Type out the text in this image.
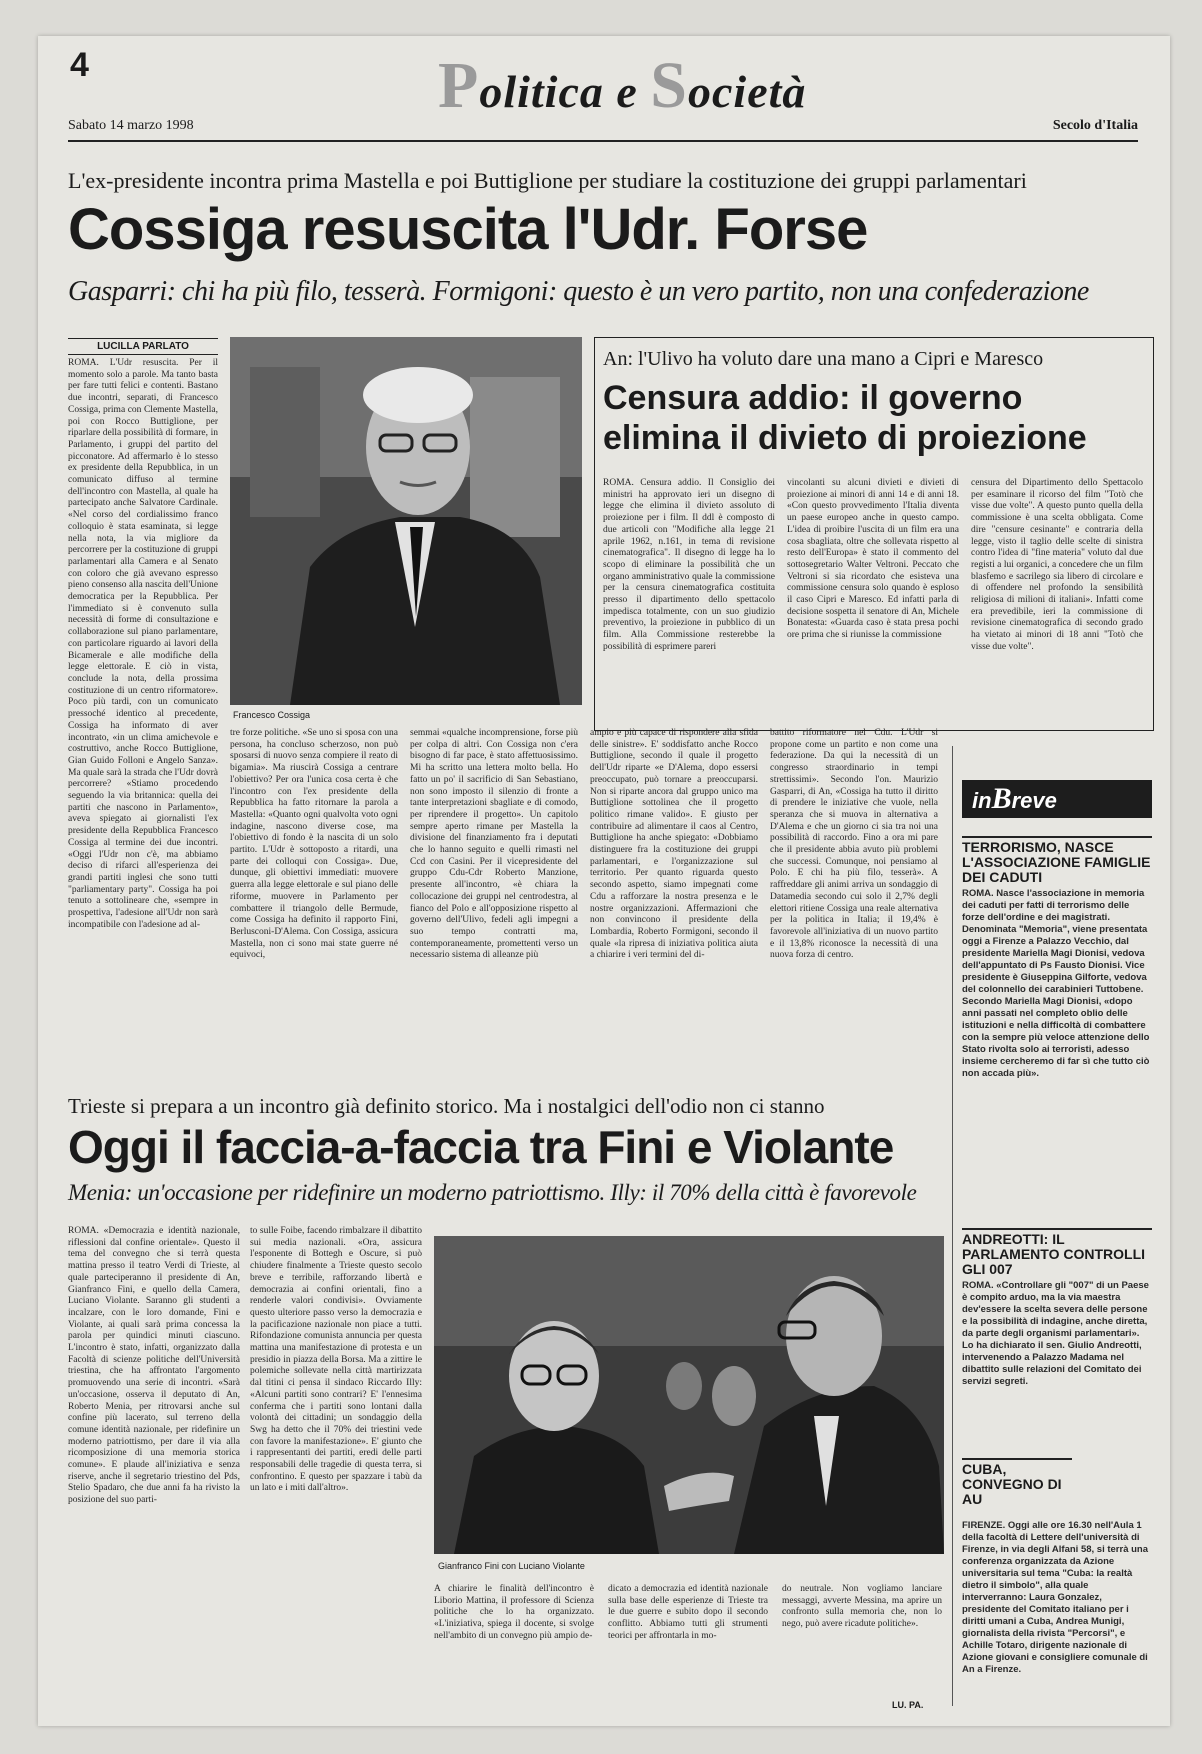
4	Politica e Società
Sabato 14 marzo 1998	Secolo d'Italia
L'ex-presidente incontra prima Mastella e poi Buttiglione per studiare la costituzione dei gruppi parlamentari
Cossiga resuscita l'Udr. Forse
Gasparri: chi ha più filo, tesserà. Formigoni: questo è un vero partito, non una confederazione
LUCILLA PARLATO
ROMA. L'Udr resuscita. Per il momento solo a parole. Ma tanto basta per fare tutti felici e contenti. Bastano due incontri, separati, di Francesco Cossiga, prima con Clemente Mastella, poi con Rocco Buttiglione, per riparlare della possibilità di formare, in Parlamento, i gruppi del partito del picconatore. Ad affermarlo è lo stesso ex presidente della Repubblica, in un comunicato diffuso al termine dell'incontro con Mastella, al quale ha partecipato anche Salvatore Cardinale. «Nel corso del cordialissimo franco colloquio è stata esaminata, si legge nella nota, la via migliore da percorrere per la costituzione di gruppi parlamentari alla Camera e al Senato con coloro che già avevano espresso pieno consenso alla nascita dell'Unione democratica per la Repubblica. Per l'immediato si è convenuto sulla necessità di forme di consultazione e collaborazione sul piano parlamentare, con particolare riguardo ai lavori della Bicamerale e alle modifiche della legge elettorale. E ciò in vista, conclude la nota, della prossima costituzione di un centro riformatore». Poco più tardi, con un comunicato pressoché identico al precedente, Cossiga ha informato di aver incontrato, «in un clima amichevole e costruttivo, anche Rocco Buttiglione, Gian Guido Folloni e Angelo Sanza». Ma quale sarà la strada che l'Udr dovrà percorrere? «Stiamo procedendo seguendo la via britannica: quella dei partiti che nascono in Parlamento», aveva spiegato ai giornalisti l'ex presidente della Repubblica Francesco Cossiga al termine dei due incontri. «Oggi l'Udr non c'è, ma abbiamo deciso di rifarci all'esperienza dei grandi partiti inglesi che sono tutti "parliamentary party". Cossiga ha poi tenuto a sottolineare che, «sempre in prospettiva, l'adesione all'Udr non sarà incompatibile con l'adesione ad al-
Francesco Cossiga
An: l'Ulivo ha voluto dare una mano a Cipri e Maresco
Censura addio: il governo elimina il divieto di proiezione
ROMA. Censura addio. Il Consiglio dei ministri ha approvato ieri un disegno di legge che elimina il divieto assoluto di proiezione per i film. Il ddl è composto di due articoli con "Modifiche alla legge 21 aprile 1962, n.161, in tema di revisione cinematografica". Il disegno di legge ha lo scopo di eliminare la possibilità che un organo amministrativo quale la commissione per la censura cinematografica costituita presso il dipartimento dello spettacolo impedisca totalmente, con un suo giudizio preventivo, la proiezione in pubblico di un film. Alla Commissione resterebbe la possibilità di esprimere pareri
vincolanti su alcuni divieti e divieti di proiezione ai minori di anni 14 e di anni 18. «Con questo provvedimento l'Italia diventa un paese europeo anche in questo campo. L'idea di proibire l'uscita di un film era una cosa sbagliata, oltre che sollevata rispetto al resto dell'Europa» è stato il commento del sottosegretario Walter Veltroni. Peccato che Veltroni si sia ricordato che esisteva una commissione censura solo quando è esploso il caso Cipri e Maresco. Ed infatti parla di decisione sospetta il senatore di An, Michele Bonatesta: «Guarda caso è stata presa pochi ore prima che si riunisse la commissione
censura del Dipartimento dello Spettacolo per esaminare il ricorso del film "Totò che visse due volte". A questo punto quella della commissione è una scelta obbligata. Come dire "censure cesinante" e contraria della legge, visto il taglio delle scelte di sinistra contro l'idea di "fine materia" voluto dal due registi a lui organici, a concedere che un film blasfemo e sacrilego sia libero di circolare e di offendere nel profondo la sensibilità religiosa di milioni di italiani». Infatti come era prevedibile, ieri la commissione di revisione cinematografica di secondo grado ha vietato ai minori di 18 anni "Totò che visse due volte".
tre forze politiche. «Se uno si sposa con una persona, ha concluso scherzoso, non può sposarsi di nuovo senza compiere il reato di bigamia». Ma riuscirà Cossiga a centrare l'obiettivo? Per ora l'unica cosa certa è che l'incontro con l'ex presidente della Repubblica ha fatto ritornare la parola a Mastella: «Quanto ogni qualvolta voto ogni indagine, nascono diverse cose, ma l'obiettivo di fondo è la nascita di un solo partito. L'Udr è sottoposto a ritardi, una parte dei colloqui con Cossiga». Due, dunque, gli obiettivi immediati: muovere guerra alla legge elettorale e sul piano delle riforme, muovere in Parlamento per combattere il triangolo delle Bermude, come Cossiga ha definito il rapporto Fini, Berlusconi-D'Alema. Con Cossiga, assicura Mastella, non ci sono mai state guerre né equivoci,
semmai «qualche incomprensione, forse più per colpa di altri. Con Cossiga non c'era bisogno di far pace, è stato affettuosissimo. Mi ha scritto una lettera molto bella. Ho fatto un po' il sacrificio di San Sebastiano, non sono imposto il silenzio di fronte a tante interpretazioni sbagliate e di comodo, per riprendere il progetto». Un capitolo sempre aperto rimane per Mastella la divisione del finanziamento fra i deputati che lo hanno seguito e quelli rimasti nel Ccd con Casini. Per il vicepresidente del gruppo Cdu-Cdr Roberto Manzione, presente all'incontro, «è chiara la collocazione dei gruppi nel centrodestra, al fianco del Polo e all'opposizione rispetto al governo dell'Ulivo, fedeli agli impegni a suo tempo contratti ma, contemporaneamente, promettenti verso un necessario sistema di alleanze più
ampio e più capace di rispondere alla sfida delle sinistre». E' soddisfatto anche Rocco Buttiglione, secondo il quale il progetto dell'Udr riparte «e D'Alema, dopo essersi preoccupato, può tornare a preoccuparsi. Non si riparte ancora dal gruppo unico ma Buttiglione sottolinea che il progetto politico rimane valido». E giusto per contribuire ad alimentare il caos al Centro, Buttiglione ha anche spiegato: «Dobbiamo distinguere fra la costituzione dei gruppi parlamentari, e l'organizzazione sul territorio. Per quanto riguarda questo secondo aspetto, siamo impegnati come Cdu a rafforzare la nostra presenza e le nostre organizzazioni. Affermazioni che non convincono il presidente della Lombardia, Roberto Formigoni, secondo il quale «la ripresa di iniziativa politica aiuta a chiarire i veri termini del di-
battito riformatore nel Cdu. L'Udr si propone come un partito e non come una federazione. Da qui la necessità di un congresso straordinario in tempi strettissimi». Secondo l'on. Maurizio Gasparri, di An, «Cossiga ha tutto il diritto di prendere le iniziative che vuole, nella speranza che si muova in alternativa a D'Alema e che un giorno ci sia tra noi una possibilità di raccordo. Fino a ora mi pare che il presidente abbia avuto più problemi che successi. Comunque, noi pensiamo al Polo. E chi ha più filo, tesserà». A raffreddare gli animi arriva un sondaggio di Datamedia secondo cui solo il 2,7% degli elettori ritiene Cossiga una reale alternativa per la politica in Italia; il 19,4% è favorevole all'iniziativa di un nuovo partito e il 13,8% riconosce la necessità di una nuova forza di centro.
inBreve
TERRORISMO, NASCE L'ASSOCIAZIONE FAMIGLIE DEI CADUTI
ROMA. Nasce l'associazione in memoria dei caduti per fatti di terrorismo delle forze dell'ordine e dei magistrati. Denominata "Memoria", viene presentata oggi a Firenze a Palazzo Vecchio, dal presidente Mariella Magi Dionisi, vedova dell'appuntato di Ps Fausto Dionisi. Vice presidente è Giuseppina Gilforte, vedova del colonnello dei carabinieri Tuttobene. Secondo Mariella Magi Dionisi, «dopo anni passati nel completo oblio delle istituzioni e nella difficoltà di combattere con la sempre più veloce attenzione dello Stato rivolta solo ai terroristi, adesso insieme cercheremo di far sì che tutto ciò non accada più».
ANDREOTTI: IL PARLAMENTO CONTROLLI GLI 007
ROMA. «Controllare gli "007" di un Paese è compito arduo, ma la via maestra dev'essere la scelta severa delle persone e la possibilità di indagine, anche diretta, da parte degli organismi parlamentari». Lo ha dichiarato il sen. Giulio Andreotti, intervenendo a Palazzo Madama nel dibattito sulle relazioni del Comitato dei servizi segreti.
CUBA, CONVEGNO DI AU
FIRENZE. Oggi alle ore 16.30 nell'Aula 1 della facoltà di Lettere dell'università di Firenze, in via degli Alfani 58, si terrà una conferenza organizzata da Azione universitaria sul tema "Cuba: la realtà dietro il simbolo", alla quale interverranno: Laura Gonzalez, presidente del Comitato italiano per i diritti umani a Cuba, Andrea Munigi, giornalista della rivista "Percorsi", e Achille Totaro, dirigente nazionale di Azione giovani e consigliere comunale di An a Firenze.
Trieste si prepara a un incontro già definito storico. Ma i nostalgici dell'odio non ci stanno
Oggi il faccia-a-faccia tra Fini e Violante
Menia: un'occasione per ridefinire un moderno patriottismo. Illy: il 70% della città è favorevole
ROMA. «Democrazia e identità nazionale, riflessioni dal confine orientale». Questo il tema del convegno che si terrà questa mattina presso il teatro Verdi di Trieste, al quale parteciperanno il presidente di An, Gianfranco Fini, e quello della Camera, Luciano Violante. Saranno gli studenti a incalzare, con le loro domande, Fini e Violante, ai quali sarà prima concessa la parola per quindici minuti ciascuno. L'incontro è stato, infatti, organizzato dalla Facoltà di scienze politiche dell'Università triestina, che ha affrontato l'argomento promuovendo una serie di incontri. «Sarà un'occasione, osserva il deputato di An, Roberto Menia, per ritrovarsi anche sul confine più lacerato, sul terreno della comune identità nazionale, per ridefinire un moderno patriottismo, per dare il via alla ricomposizione di una memoria storica comune». E plaude all'iniziativa e senza riserve, anche il segretario triestino del Pds, Stelio Spadaro, che due anni fa ha rivisto la posizione del suo parti-
to sulle Foibe, facendo rimbalzare il dibattito sui media nazionali. «Ora, assicura l'esponente di Bottegh e Oscure, si può chiudere finalmente a Trieste questo secolo breve e terribile, rafforzando libertà e democrazia ai confini orientali, fino a renderle valori condivisi». Ovviamente questo ulteriore passo verso la democrazia e la pacificazione nazionale non piace a tutti. Rifondazione comunista annuncia per questa mattina una manifestazione di protesta e un presidio in piazza della Borsa. Ma a zittire le polemiche sollevate nella città martirizzata dal titini ci pensa il sindaco Riccardo Illy: «Alcuni partiti sono contrari? E' l'ennesima conferma che i partiti sono lontani dalla volontà dei cittadini; un sondaggio della Swg ha detto che il 70% dei triestini vede con favore la manifestazione». E' giunto che i rappresentanti dei partiti, eredi delle parti responsabili delle tragedie di questa terra, si confrontino. E questo per spazzare i tabù da un lato e i miti dall'altro».
Gianfranco Fini con Luciano Violante
A chiarire le finalità dell'incontro è Liborio Mattina, il professore di Scienza politiche che lo ha organizzato. «L'iniziativa, spiega il docente, si svolge nell'ambito di un convegno più ampio de-
dicato a democrazia ed identità nazionale sulla base delle esperienze di Trieste tra le due guerre e subito dopo il secondo conflitto. Abbiamo tutti gli strumenti teorici per affrontarla in mo-
do neutrale. Non vogliamo lanciare messaggi, avverte Messina, ma aprire un confronto sulla memoria che, non lo nego, può avere ricadute politiche».
LU. PA.
